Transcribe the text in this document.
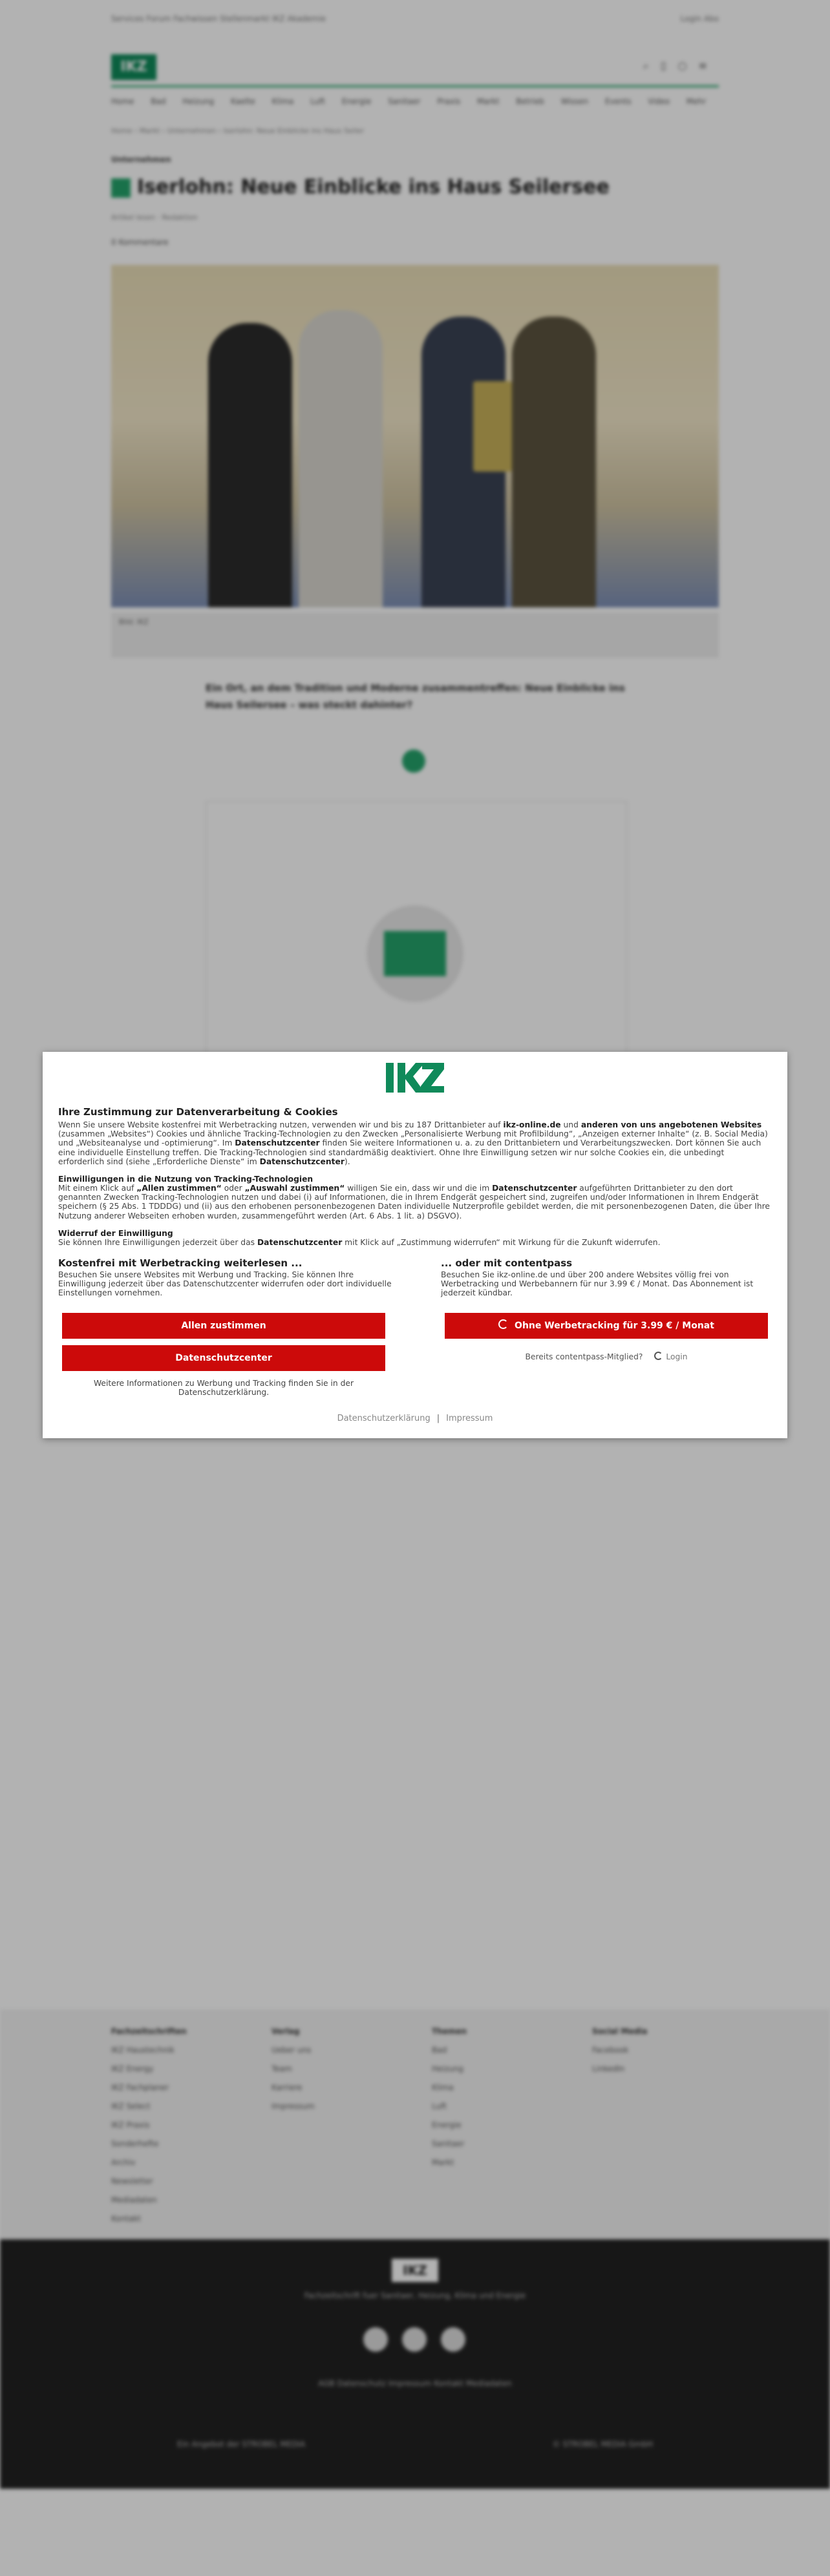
Services Forum Fachwissen Stellenmarkt IKZ Akademie	Login Abo
IKZ	⌕▯○≡
Home Bad Heizung Kaelte Klima Luft Energie Sanitaer Praxis Markt Betrieb Wissen Events Video Mehr
Home › Markt › Unternehmen › Iserlohn: Neue Einblicke ins Haus Seiler
Unternehmen
Iserlohn: Neue Einblicke ins Haus Seilersee
Artikel lesen · Redaktion
0 Kommentare
Bild: IKZ
Ein Ort, an dem Tradition und Moderne zusammentreffen: Neue Einblicke ins Haus Seilersee – was steckt dahinter?
Fachzeitschriften
IKZ Haustechnik
IKZ Energy
IKZ Fachplaner
IKZ Select
IKZ Praxis
Sonderhefte
Archiv
Newsletter
Mediadaten
Kontakt
Verlag
Ueber uns
Team
Karriere
Impressum
Themen
Bad
Heizung
Klima
Luft
Energie
Sanitaer
Markt
Social Media
Facebook
LinkedIn
IKZ
Fachzeitschrift fuer Sanitaer, Heizung, Klima und Energie
AGB Datenschutz Impressum Kontakt Mediadaten
Ein Angebot der STROBEL MEDIA	© STROBEL MEDIA GmbH
Ihre Zustimmung zur Datenverarbeitung & Cookies
Wenn Sie unsere Website kostenfrei mit Werbetracking nutzen, verwenden wir und bis zu 187 Drittanbieter auf ikz-online.de und anderen von uns angebotenen Websites (zusammen „Websites“) Cookies und ähnliche Tracking-Technologien zu den Zwecken „Personalisierte Werbung mit Profilbildung“, „Anzeigen externer Inhalte“ (z. B. Social Media) und „Websiteanalyse und -optimierung“. Im Datenschutzcenter finden Sie weitere Informationen u. a. zu den Drittanbietern und Verarbeitungszwecken. Dort können Sie auch eine individuelle Einstellung treffen. Die Tracking-Technologien sind standardmäßig deaktiviert. Ohne Ihre Einwilligung setzen wir nur solche Cookies ein, die unbedingt erforderlich sind (siehe „Erforderliche Dienste“ im Datenschutzcenter).
Einwilligungen in die Nutzung von Tracking-Technologien
Mit einem Klick auf „Allen zustimmen“ oder „Auswahl zustimmen“ willigen Sie ein, dass wir und die im Datenschutzcenter aufgeführten Drittanbieter zu den dort genannten Zwecken Tracking-Technologien nutzen und dabei (i) auf Informationen, die in Ihrem Endgerät gespeichert sind, zugreifen und/oder Informationen in Ihrem Endgerät speichern (§ 25 Abs. 1 TDDDG) und (ii) aus den erhobenen personenbezogenen Daten individuelle Nutzerprofile gebildet werden, die mit personenbezogenen Daten, die über Ihre Nutzung anderer Webseiten erhoben wurden, zusammengeführt werden (Art. 6 Abs. 1 lit. a) DSGVO).
Widerruf der Einwilligung
Sie können Ihre Einwilligungen jederzeit über das Datenschutzcenter mit Klick auf „Zustimmung widerrufen“ mit Wirkung für die Zukunft widerrufen.
Kostenfrei mit Werbetracking weiterlesen ...
Besuchen Sie unsere Websites mit Werbung und Tracking. Sie können Ihre Einwilligung jederzeit über das Datenschutzcenter widerrufen oder dort individuelle Einstellungen vornehmen.
... oder mit contentpass
Besuchen Sie ikz-online.de und über 200 andere Websites völlig frei von Werbetracking und Werbebannern für nur 3.99 € / Monat. Das Abonnement ist jederzeit kündbar.
Allen zustimmen
Datenschutzcenter
Weitere Informationen zu Werbung und Tracking finden Sie in der Datenschutzerklärung.
Ohne Werbetracking für 3.99 € / Monat
Bereits contentpass-Mitglied?	Login
Datenschutzerklärung | Impressum
